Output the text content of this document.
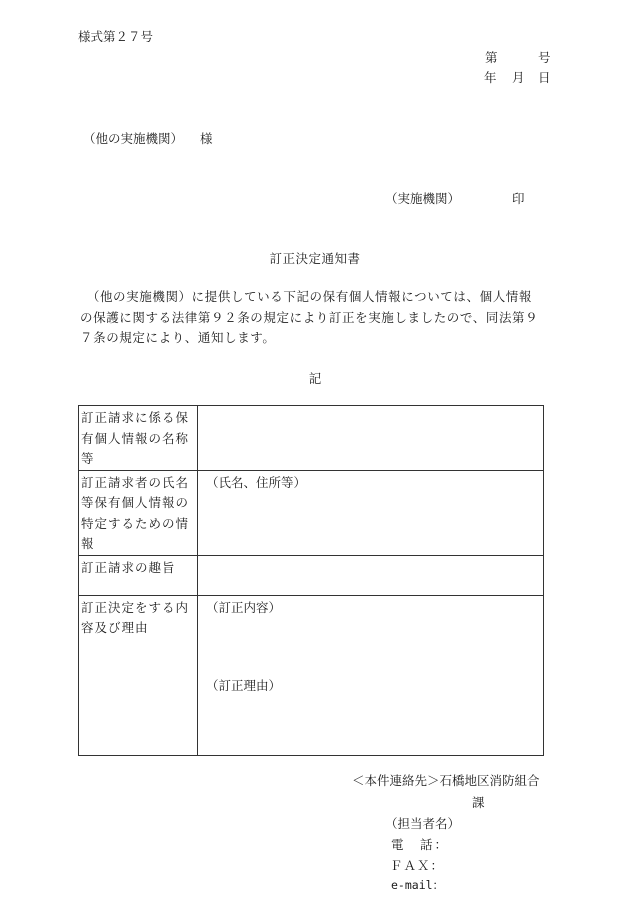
様式第２７号
第	号
年 月 日
（他の実施機関） 様
（実施機関）	印
訂正決定通知書

　（他の実施機関）に提供している下記の保有個人情報については、個人情報

の保護に関する法律第９２条の規定により訂正を実施しましたので、同法第９

７条の規定により、通知します。

記
訂正請求に係る保有個人情報の名称等	
訂正請求者の氏名等保有個人情報の特定するための情報	（氏名、住所等）
訂正請求の趣旨	
訂正決定をする内容及び理由	（訂正内容）
（訂正理由）
＜本件連絡先＞石橋地区消防組合
課
（担当者名）
電　話：
ＦＡＸ：
e-mail：
